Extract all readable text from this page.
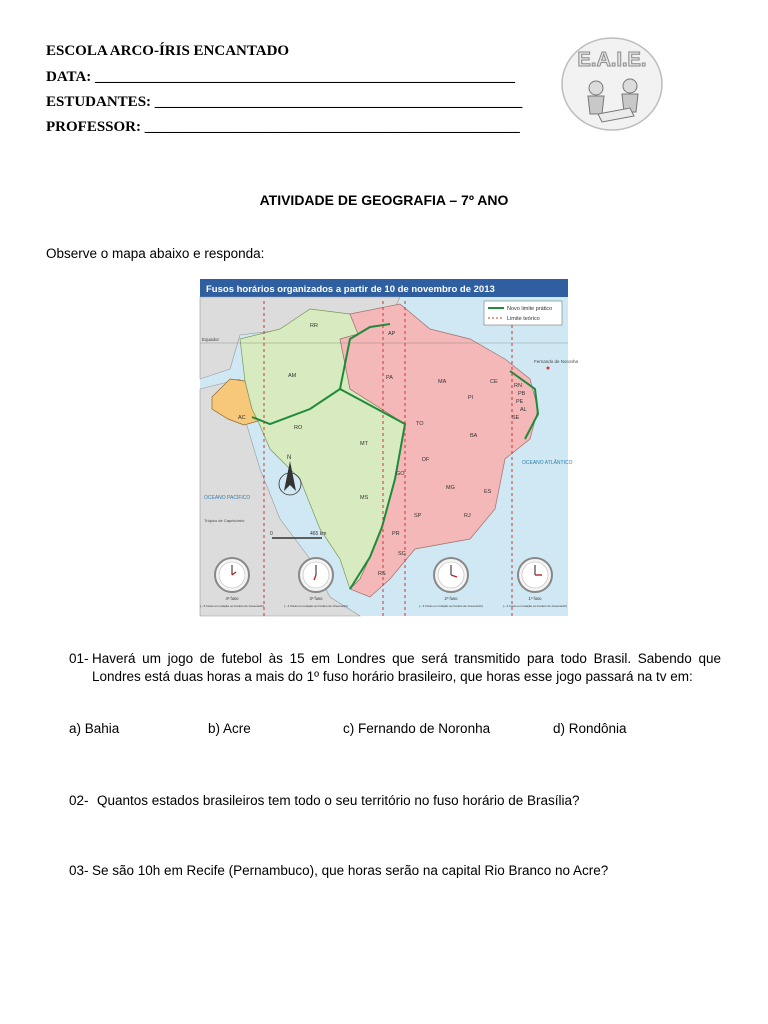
ESCOLA ARCO-ÍRIS ENCANTADO
DATA: ________________________________________________________
ESTUDANTES: _________________________________________________
PROFESSOR: __________________________________________________
E.A.I.E.
ATIVIDADE DE GEOGRAFIA – 7º ANO
Observe o mapa abaixo e responda:
Fusos horários organizados a partir de 10 de novembro de 2013
Novo limite prático
Limite teórico
Equador
Fernando de Noronha
OCEANO ATLÂNTICO
OCEANO PACÍFICO
Trópico de Capricórnio
N
0	465 km
RR
AP
AM	PA
MA	CE
RN
PB
PE
AL
SE
PI
AC
RO
TO
BA
MT
DF
GO
MG
ES
MS
SP	RJ
PR
SC
RS
4º fuso
(– 5 horas em relação ao horário de Greenwich)
3º fuso
(– 4 horas em relação ao horário de Greenwich)
2º fuso
(– 3 horas em relação ao horário de Greenwich)
1º fuso
(– 2 horas em relação ao horário de Greenwich)
01- Haverá um jogo de futebol às 15 em Londres que será transmitido para todo Brasil. Sabendo que Londres está duas horas a mais do 1º fuso horário brasileiro, que horas esse jogo passará na tv em:
a) Bahia	b) Acre	c) Fernando de Noronha	d) Rondônia
02- Quantos estados brasileiros tem todo o seu território no fuso horário de Brasília?
03- Se são 10h em Recife (Pernambuco), que horas serão na capital Rio Branco no Acre?
